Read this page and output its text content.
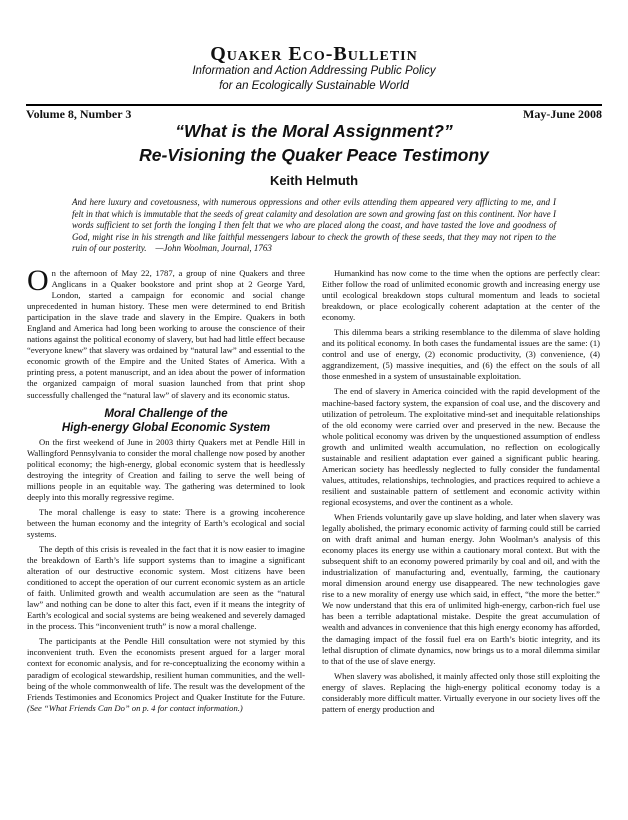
Quaker Eco-Bulletin
Information and Action Addressing Public Policy
for an Ecologically Sustainable World
Volume 8, Number 3	May-June 2008
“What is the Moral Assignment?”
Re-Visioning the Quaker Peace Testimony
Keith Helmuth
And here luxury and covetousness, with numerous oppressions and other evils attending them appeared very afflicting to me, and I felt in that which is immutable that the seeds of great calamity and desolation are sown and growing fast on this continent. Nor have I words sufficient to set forth the longing I then felt that we who are placed along the coast, and have tasted the love and goodness of God, might rise in his strength and like faithful messengers labour to check the growth of these seeds, that they may not ripen to the ruin of our posterity. —John Woolman, Journal, 1763

On the afternoon of May 22, 1787, a group of nine Quakers and three Anglicans in a Quaker bookstore and print shop at 2 George Yard, London, started a campaign for economic and social change unprecedented in human history. These men were determined to end British participation in the slave trade and slavery in the Empire. Quakers in both England and America had long been working to arouse the conscience of their nations against the political economy of slavery, but had had little effect because “everyone knew” that slavery was ordained by “natural law” and essential to the economic growth of the Empire and the United States of America. With a printing press, a potent manuscript, and an idea about the power of information the organized campaign of moral suasion launched from that print shop successfully challenged the “natural law” of slavery and its economic status.

Moral Challenge of the
High-energy Global Economic System

On the first weekend of June in 2003 thirty Quakers met at Pendle Hill in Wallingford Pennsylvania to consider the moral challenge now posed by another political economy; the high-energy, global economic system that is heedlessly destroying the integrity of Creation and failing to serve the well being of millions people in an equitable way. The gathering was determined to look deeply into this morally regressive regime.

The moral challenge is easy to state: There is a growing incoherence between the human economy and the integrity of Earth’s ecological and social systems.

The depth of this crisis is revealed in the fact that it is now easier to imagine the breakdown of Earth’s life support systems than to imagine a significant alteration of our destructive economic system. Most citizens have been conditioned to accept the operation of our current economic system as an article of faith. Unlimited growth and wealth accumulation are seen as the “natural law” and nothing can be done to alter this fact, even if it means the integrity of Earth’s ecological and social systems are being weakened and severely damaged in the process. This “inconvenient truth” is now a moral challenge.

The participants at the Pendle Hill consultation were not stymied by this inconvenient truth. Even the economists present argued for a larger moral context for economic analysis, and for re-conceptualizing the economy within a paradigm of ecological stewardship, resilient human communities, and the well-being of the whole commonwealth of life. The result was the development of the Friends Testimonies and Economics Project and Quaker Institute for the Future. (See “What Friends Can Do” on p. 4 for contact information.)

Humankind has now come to the time when the options are perfectly clear: Either follow the road of unlimited economic growth and increasing energy use until ecological breakdown stops cultural momentum and leads to societal breakdown, or place ecologically coherent adaptation at the center of the economy.

This dilemma bears a striking resemblance to the dilemma of slave holding and its political economy. In both cases the fundamental issues are the same: (1) control and use of energy, (2) economic productivity, (3) convenience, (4) aggrandizement, (5) massive inequities, and (6) the effect on the souls of all those enmeshed in a system of unsustainable exploitation.

The end of slavery in America coincided with the rapid development of the machine-based factory system, the expansion of coal use, and the discovery and utilization of petroleum. The exploitative mind-set and inequitable relationships of the old economy were carried over and preserved in the new. Because the whole political economy was driven by the unquestioned assumption of endless growth and unlimited wealth accumulation, no reflection on ecologically sustainable and resilient adaptation ever gained a significant public hearing. American society has heedlessly neglected to fully consider the fundamental values, attitudes, relationships, technologies, and practices required to achieve a resilient and sustainable pattern of settlement and economic activity within regional ecosystems, and over the continent as a whole.

When Friends voluntarily gave up slave holding, and later when slavery was legally abolished, the primary economic activity of farming could still be carried on with draft animal and human energy. John Woolman’s analysis of this economy places its energy use within a cautionary moral context. But with the subsequent shift to an economy powered primarily by coal and oil, and with the industrialization of manufacturing and, eventually, farming, the cautionary moral dimension around energy use disappeared. The new technologies gave rise to a new morality of energy use which said, in effect, “the more the better.” We now understand that this era of unlimited high-energy, carbon-rich fuel use has been a terrible adaptational mistake. Despite the great accumulation of wealth and advances in convenience that this high energy economy has afforded, the damaging impact of the fossil fuel era on Earth’s biotic integrity, and its lethal disruption of climate dynamics, now brings us to a moral dilemma similar to that of the use of slave energy.

When slavery was abolished, it mainly affected only those still exploiting the energy of slaves. Replacing the high-energy political economy today is a considerably more difficult matter. Virtually everyone in our society lives off the pattern of energy production and
